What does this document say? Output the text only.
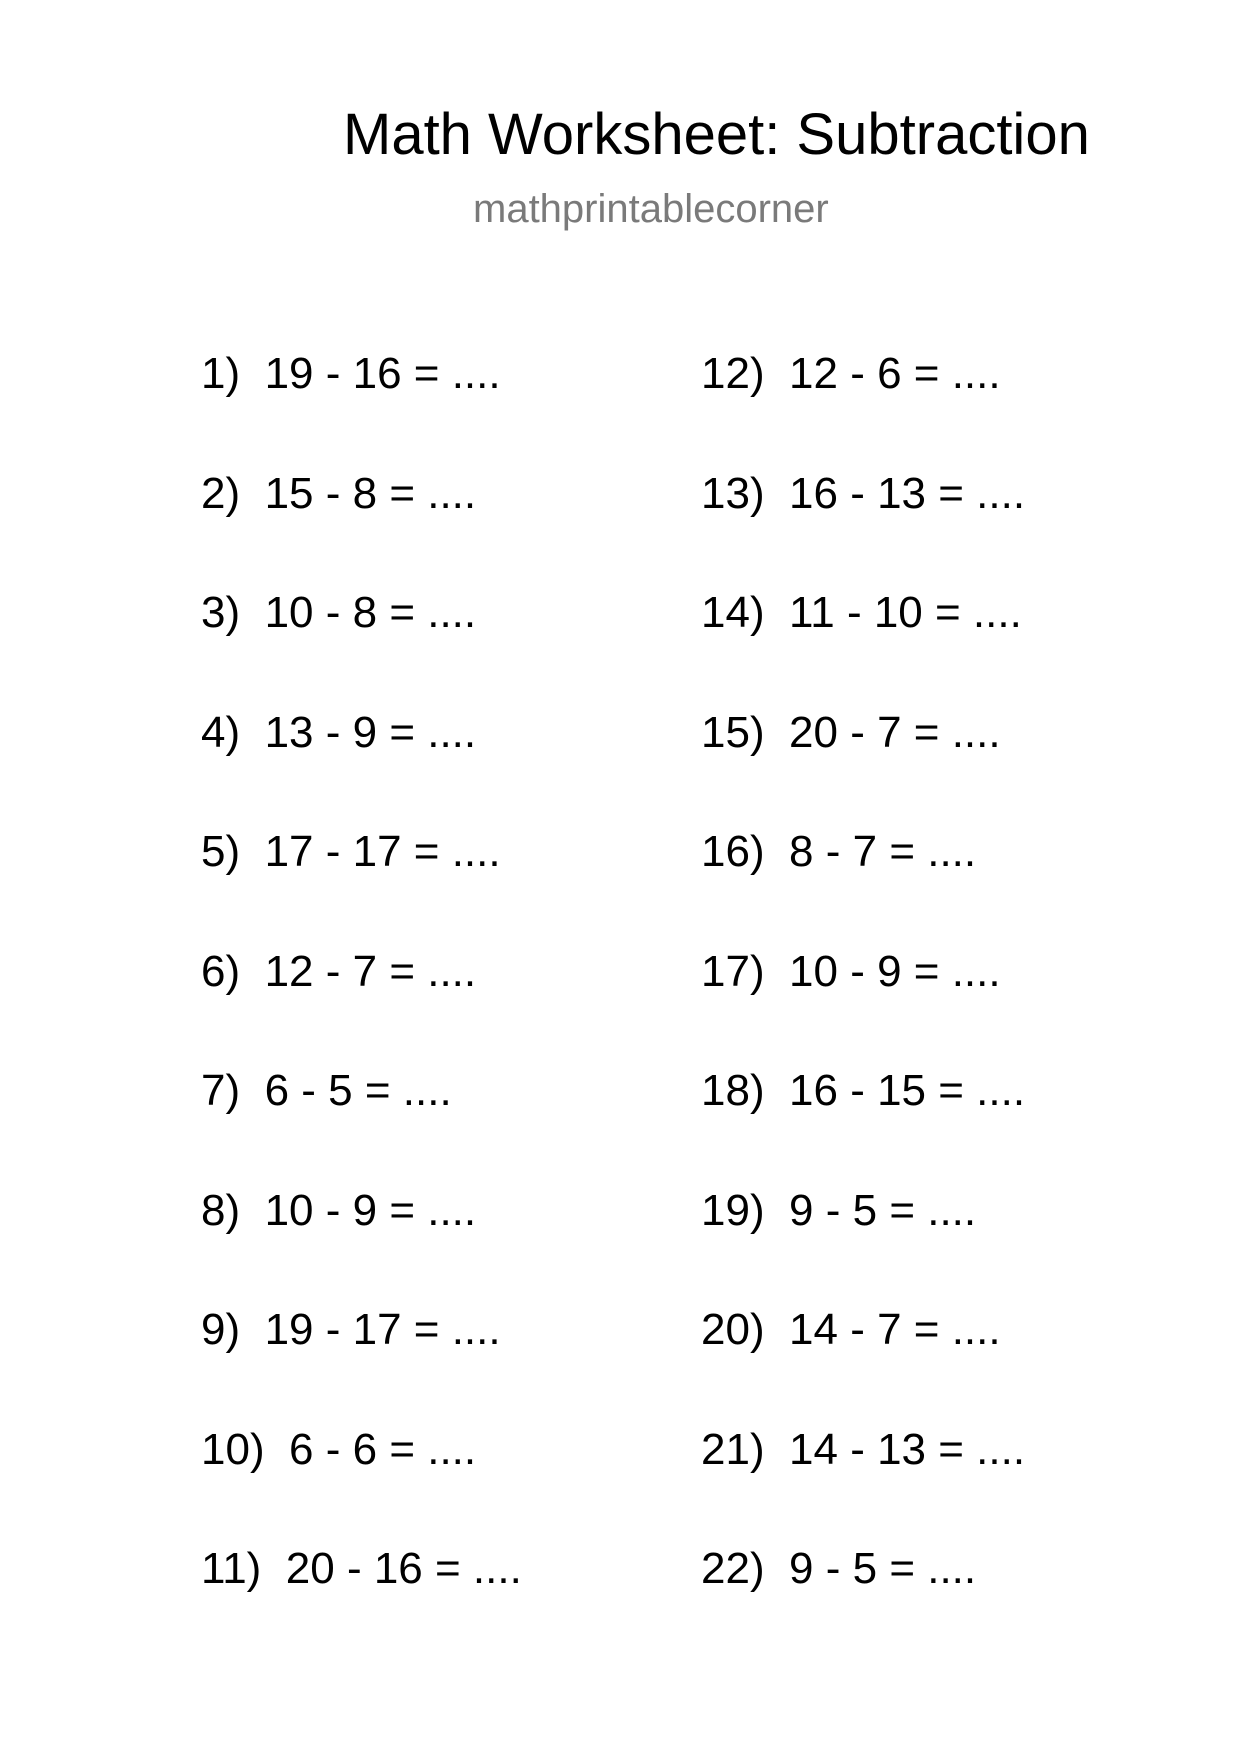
Math Worksheet: Subtraction
mathprintablecorner
1) 19 - 16 = ....
2) 15 - 8 = ....
3) 10 - 8 = ....
4) 13 - 9 = ....
5) 17 - 17 = ....
6) 12 - 7 = ....
7) 6 - 5 = ....
8) 10 - 9 = ....
9) 19 - 17 = ....
10) 6 - 6 = ....
11) 20 - 16 = ....
12) 12 - 6 = ....
13) 16 - 13 = ....
14) 11 - 10 = ....
15) 20 - 7 = ....
16) 8 - 7 = ....
17) 10 - 9 = ....
18) 16 - 15 = ....
19) 9 - 5 = ....
20) 14 - 7 = ....
21) 14 - 13 = ....
22) 9 - 5 = ....
